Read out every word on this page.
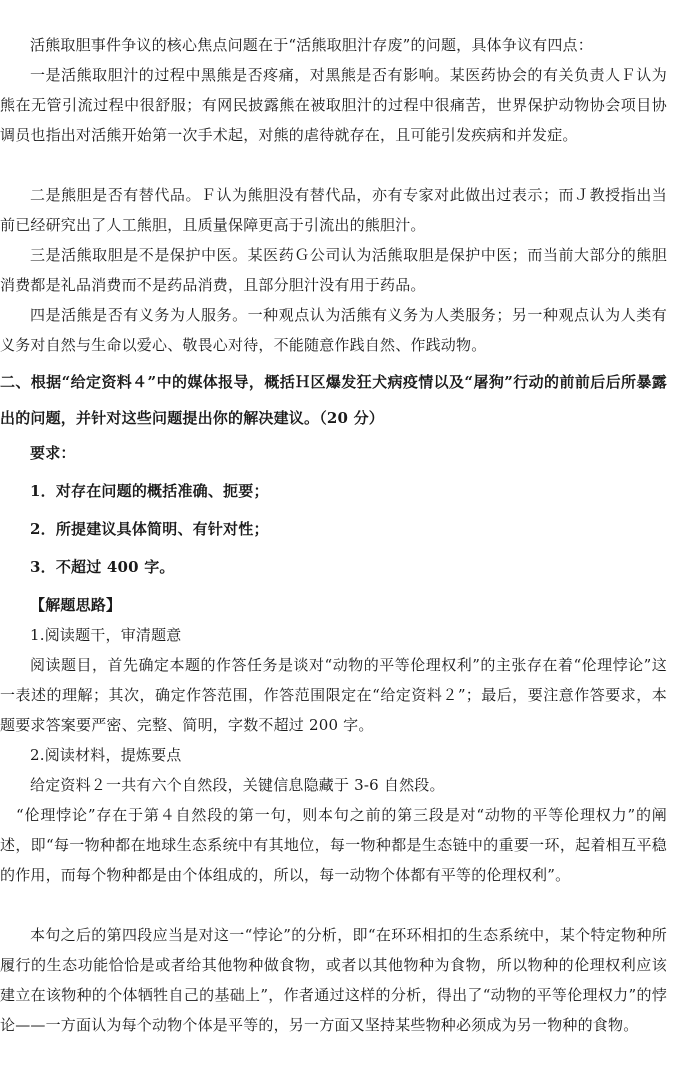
活熊取胆事件争议的核心焦点问题在于“活熊取胆汁存废”的问题，具体争议有四点：

一是活熊取胆汁的过程中黑熊是否疼痛，对黑熊是否有影响。某医药协会的有关负责人Ｆ认为熊在无管引流过程中很舒服；有网民披露熊在被取胆汁的过程中很痛苦，世界保护动物协会项目协调员也指出对活熊开始第一次手术起，对熊的虐待就存在，且可能引发疾病和并发症。

二是熊胆是否有替代品。Ｆ认为熊胆没有替代品，亦有专家对此做出过表示；而Ｊ教授指出当前已经研究出了人工熊胆，且质量保障更高于引流出的熊胆汁。

三是活熊取胆是不是保护中医。某医药Ｇ公司认为活熊取胆是保护中医；而当前大部分的熊胆消费都是礼品消费而不是药品消费，且部分胆汁没有用于药品。

四是活熊是否有义务为人服务。一种观点认为活熊有义务为人类服务；另一种观点认为人类有义务对自然与生命以爱心、敬畏心对待，不能随意作践自然、作践动物。

二、根据“给定资料４”中的媒体报导，概括Ｈ区爆发狂犬病疫情以及“屠狗”行动的前前后后所暴露出的问题，并针对这些问题提出你的解决建议。（20 分）

要求：

1．对存在问题的概括准确、扼要；

2．所提建议具体简明、有针对性；

3．不超过 400 字。

【解题思路】

1.阅读题干，审清题意

阅读题目，首先确定本题的作答任务是谈对“动物的平等伦理权利”的主张存在着“伦理悖论”这一表述的理解；其次，确定作答范围，作答范围限定在“给定资料２”；最后，要注意作答要求，本题要求答案要严密、完整、简明，字数不超过 200 字。

2.阅读材料，提炼要点

给定资料２一共有六个自然段，关键信息隐藏于 3-6 自然段。

“伦理悖论”存在于第４自然段的第一句，则本句之前的第三段是对“动物的平等伦理权力”的阐述，即“每一物种都在地球生态系统中有其地位，每一物种都是生态链中的重要一环，起着相互平稳的作用，而每个物种都是由个体组成的，所以，每一动物个体都有平等的伦理权利”。

本句之后的第四段应当是对这一“悖论”的分析，即“在环环相扣的生态系统中，某个特定物种所履行的生态功能恰恰是或者给其他物种做食物，或者以其他物种为食物，所以物种的伦理权利应该建立在该物种的个体牺牲自己的基础上”，作者通过这样的分析，得出了“动物的平等伦理权力”的悖论——一方面认为每个动物个体是平等的，另一方面又坚持某些物种必须成为另一物种的食物。
